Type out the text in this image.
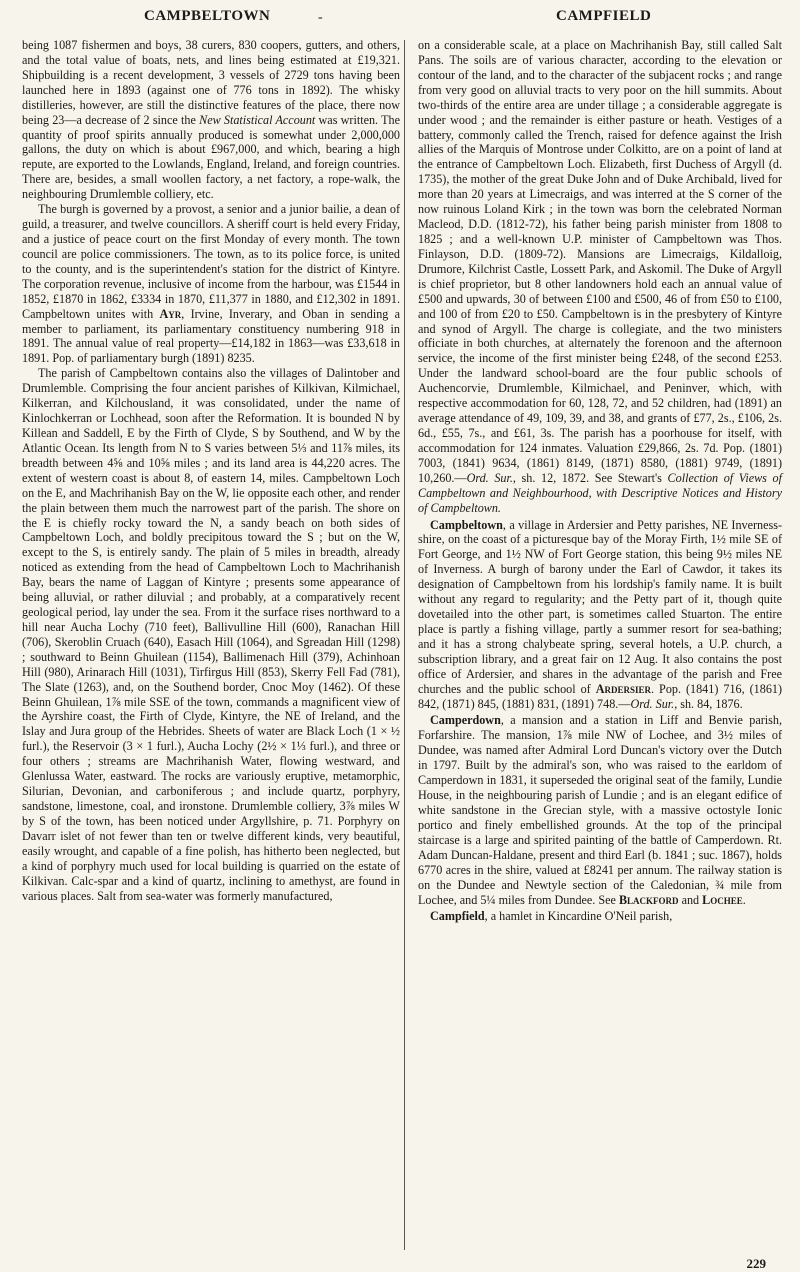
CAMPBELTOWN	-	CAMPFIELD

being 1087 fishermen and boys, 38 curers, 830 coopers, gutters, and others, and the total value of boats, nets, and lines being estimated at £19,321. Shipbuilding is a recent development, 3 vessels of 2729 tons having been launched here in 1893 (against one of 776 tons in 1892). The whisky distilleries, however, are still the distinctive features of the place, there now being 23—a decrease of 2 since the New Statistical Account was written. The quantity of proof spirits annually produced is somewhat under 2,000,000 gallons, the duty on which is about £967,000, and which, bearing a high repute, are exported to the Lowlands, England, Ireland, and foreign countries. There are, besides, a small woollen factory, a net factory, a rope-walk, the neighbouring Drumlemble colliery, etc.

The burgh is governed by a provost, a senior and a junior bailie, a dean of guild, a treasurer, and twelve councillors. A sheriff court is held every Friday, and a justice of peace court on the first Monday of every month. The town council are police commissioners. The town, as to its police force, is united to the county, and is the superintendent's station for the district of Kintyre. The corporation revenue, inclusive of income from the harbour, was £1544 in 1852, £1870 in 1862, £3334 in 1870, £11,377 in 1880, and £12,302 in 1891. Campbeltown unites with Ayr, Irvine, Inverary, and Oban in sending a member to parliament, its parliamentary constituency numbering 918 in 1891. The annual value of real property—£14,182 in 1863—was £33,618 in 1891. Pop. of parliamentary burgh (1891) 8235.

The parish of Campbeltown contains also the villages of Dalintober and Drumlemble. Comprising the four ancient parishes of Kilkivan, Kilmichael, Kilkerran, and Kilchousland, it was consolidated, under the name of Kinlochkerran or Lochhead, soon after the Reformation. It is bounded N by Killean and Saddell, E by the Firth of Clyde, S by Southend, and W by the Atlantic Ocean. Its length from N to S varies between 5⅓ and 11⅞ miles, its breadth between 4⅝ and 10⅝ miles ; and its land area is 44,220 acres. The extent of western coast is about 8, of eastern 14, miles. Campbeltown Loch on the E, and Machrihanish Bay on the W, lie opposite each other, and render the plain between them much the narrowest part of the parish. The shore on the E is chiefly rocky toward the N, a sandy beach on both sides of Campbeltown Loch, and boldly precipitous toward the S ; but on the W, except to the S, is entirely sandy. The plain of 5 miles in breadth, already noticed as extending from the head of Campbeltown Loch to Machrihanish Bay, bears the name of Laggan of Kintyre ; presents some appearance of being alluvial, or rather diluvial ; and probably, at a comparatively recent geological period, lay under the sea. From it the surface rises northward to a hill near Aucha Lochy (710 feet), Ballivulline Hill (600), Ranachan Hill (706), Skeroblin Cruach (640), Easach Hill (1064), and Sgreadan Hill (1298) ; southward to Beinn Ghuilean (1154), Ballimenach Hill (379), Achinhoan Hill (980), Arinarach Hill (1031), Tirfirgus Hill (853), Skerry Fell Fad (781), The Slate (1263), and, on the Southend border, Cnoc Moy (1462). Of these Beinn Ghuilean, 1⅞ mile SSE of the town, commands a magnificent view of the Ayrshire coast, the Firth of Clyde, Kintyre, the NE of Ireland, and the Islay and Jura group of the Hebrides. Sheets of water are Black Loch (1 × ½ furl.), the Reservoir (3 × 1 furl.), Aucha Lochy (2½ × 1⅓ furl.), and three or four others ; streams are Machrihanish Water, flowing westward, and Glenlussa Water, eastward. The rocks are variously eruptive, metamorphic, Silurian, Devonian, and carboniferous ; and include quartz, porphyry, sandstone, limestone, coal, and ironstone. Drumlemble colliery, 3⅞ miles W by S of the town, has been noticed under Argyllshire, p. 71. Porphyry on Davarr islet of not fewer than ten or twelve different kinds, very beautiful, easily wrought, and capable of a fine polish, has hitherto been neglected, but a kind of porphyry much used for local building is quarried on the estate of Kilkivan. Calc-spar and a kind of quartz, inclining to amethyst, are found in various places. Salt from sea-water was formerly manufactured,

on a considerable scale, at a place on Machrihanish Bay, still called Salt Pans. The soils are of various character, according to the elevation or contour of the land, and to the character of the subjacent rocks ; and range from very good on alluvial tracts to very poor on the hill summits. About two-thirds of the entire area are under tillage ; a considerable aggregate is under wood ; and the remainder is either pasture or heath. Vestiges of a battery, commonly called the Trench, raised for defence against the Irish allies of the Marquis of Montrose under Colkitto, are on a point of land at the entrance of Campbeltown Loch. Elizabeth, first Duchess of Argyll (d. 1735), the mother of the great Duke John and of Duke Archibald, lived for more than 20 years at Limecraigs, and was interred at the S corner of the now ruinous Loland Kirk ; in the town was born the celebrated Norman Macleod, D.D. (1812-72), his father being parish minister from 1808 to 1825 ; and a well-known U.P. minister of Campbeltown was Thos. Finlayson, D.D. (1809-72). Mansions are Limecraigs, Kildalloig, Drumore, Kilchrist Castle, Lossett Park, and Askomil. The Duke of Argyll is chief proprietor, but 8 other landowners hold each an annual value of £500 and upwards, 30 of between £100 and £500, 46 of from £50 to £100, and 100 of from £20 to £50. Campbeltown is in the presbytery of Kintyre and synod of Argyll. The charge is collegiate, and the two ministers officiate in both churches, at alternately the forenoon and the afternoon service, the income of the first minister being £248, of the second £253. Under the landward school-board are the four public schools of Auchencorvie, Drumlemble, Kilmichael, and Peninver, which, with respective accommodation for 60, 128, 72, and 52 children, had (1891) an average attendance of 49, 109, 39, and 38, and grants of £77, 2s., £106, 2s. 6d., £55, 7s., and £61, 3s. The parish has a poorhouse for itself, with accommodation for 124 inmates. Valuation £29,866, 2s. 7d. Pop. (1801) 7003, (1841) 9634, (1861) 8149, (1871) 8580, (1881) 9749, (1891) 10,260.—Ord. Sur., sh. 12, 1872. See Stewart's Collection of Views of Campbeltown and Neighbourhood, with Descriptive Notices and History of Campbeltown.

Campbeltown, a village in Ardersier and Petty parishes, NE Inverness-shire, on the coast of a picturesque bay of the Moray Firth, 1½ mile SE of Fort George, and 1½ NW of Fort George station, this being 9½ miles NE of Inverness. A burgh of barony under the Earl of Cawdor, it takes its designation of Campbeltown from his lordship's family name. It is built without any regard to regularity; and the Petty part of it, though quite dovetailed into the other part, is sometimes called Stuarton. The entire place is partly a fishing village, partly a summer resort for sea-bathing; and it has a strong chalybeate spring, several hotels, a U.P. church, a subscription library, and a great fair on 12 Aug. It also contains the post office of Ardersier, and shares in the advantage of the parish and Free churches and the public school of Ardersier. Pop. (1841) 716, (1861) 842, (1871) 845, (1881) 831, (1891) 748.—Ord. Sur., sh. 84, 1876.

Camperdown, a mansion and a station in Liff and Benvie parish, Forfarshire. The mansion, 1⅞ mile NW of Lochee, and 3½ miles of Dundee, was named after Admiral Lord Duncan's victory over the Dutch in 1797. Built by the admiral's son, who was raised to the earldom of Camperdown in 1831, it superseded the original seat of the family, Lundie House, in the neighbouring parish of Lundie ; and is an elegant edifice of white sandstone in the Grecian style, with a massive octostyle Ionic portico and finely embellished grounds. At the top of the principal staircase is a large and spirited painting of the battle of Camperdown. Rt. Adam Duncan-Haldane, present and third Earl (b. 1841 ; suc. 1867), holds 6770 acres in the shire, valued at £8241 per annum. The railway station is on the Dundee and Newtyle section of the Caledonian, ¾ mile from Lochee, and 5¼ miles from Dundee. See Blackford and Lochee.

Campfield, a hamlet in Kincardine O'Neil parish,

229
